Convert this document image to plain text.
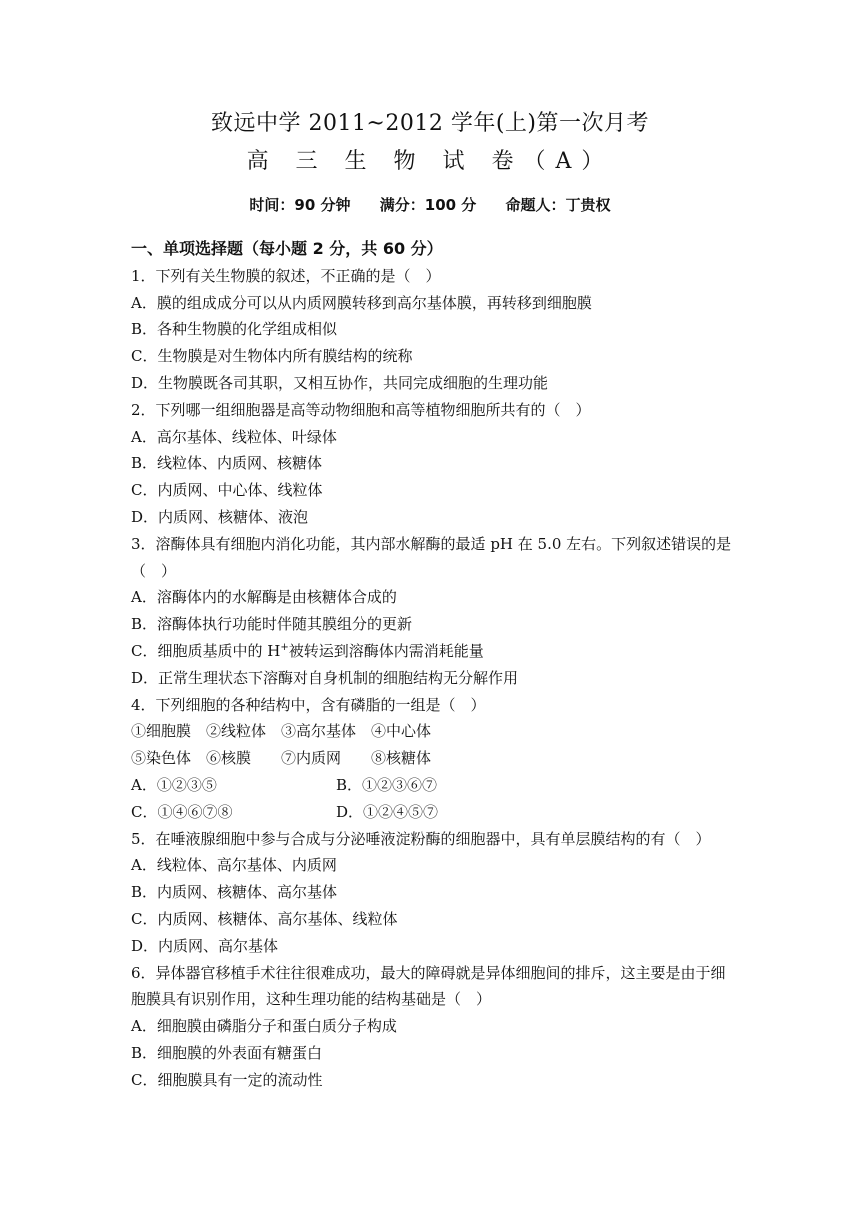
致远中学 2011~2012 学年(上)第一次月考
高 三 生 物 试 卷（A）
时间：90 分钟 满分：100 分 命题人：丁贵权
一、单项选择题（每小题 2 分，共 60 分）
1．下列有关生物膜的叙述，不正确的是（　）
A．膜的组成成分可以从内质网膜转移到高尔基体膜，再转移到细胞膜
B．各种生物膜的化学组成相似
C．生物膜是对生物体内所有膜结构的统称
D．生物膜既各司其职，又相互协作，共同完成细胞的生理功能
2．下列哪一组细胞器是高等动物细胞和高等植物细胞所共有的（　）
A．高尔基体、线粒体、叶绿体
B．线粒体、内质网、核糖体
C．内质网、中心体、线粒体
D．内质网、核糖体、液泡
3．溶酶体具有细胞内消化功能，其内部水解酶的最适 pH 在 5.0 左右。下列叙述错误的是（　）
A．溶酶体内的水解酶是由核糖体合成的
B．溶酶体执行功能时伴随其膜组分的更新
C．细胞质基质中的 H+被转运到溶酶体内需消耗能量
D．正常生理状态下溶酶对自身机制的细胞结构无分解作用
4．下列细胞的各种结构中，含有磷脂的一组是（　）
①细胞膜　②线粒体　③高尔基体　④中心体
⑤染色体　⑥核膜　　⑦内质网　　⑧核糖体
A．①②③⑤	B．①②③⑥⑦
C．①④⑥⑦⑧	D．①②④⑤⑦
5．在唾液腺细胞中参与合成与分泌唾液淀粉酶的细胞器中，具有单层膜结构的有（　）
A．线粒体、高尔基体、内质网
B．内质网、核糖体、高尔基体
C．内质网、核糖体、高尔基体、线粒体
D．内质网、高尔基体
6．异体器官移植手术往往很难成功，最大的障碍就是异体细胞间的排斥，这主要是由于细胞膜具有识别作用，这种生理功能的结构基础是（　）
A．细胞膜由磷脂分子和蛋白质分子构成
B．细胞膜的外表面有糖蛋白
C．细胞膜具有一定的流动性
